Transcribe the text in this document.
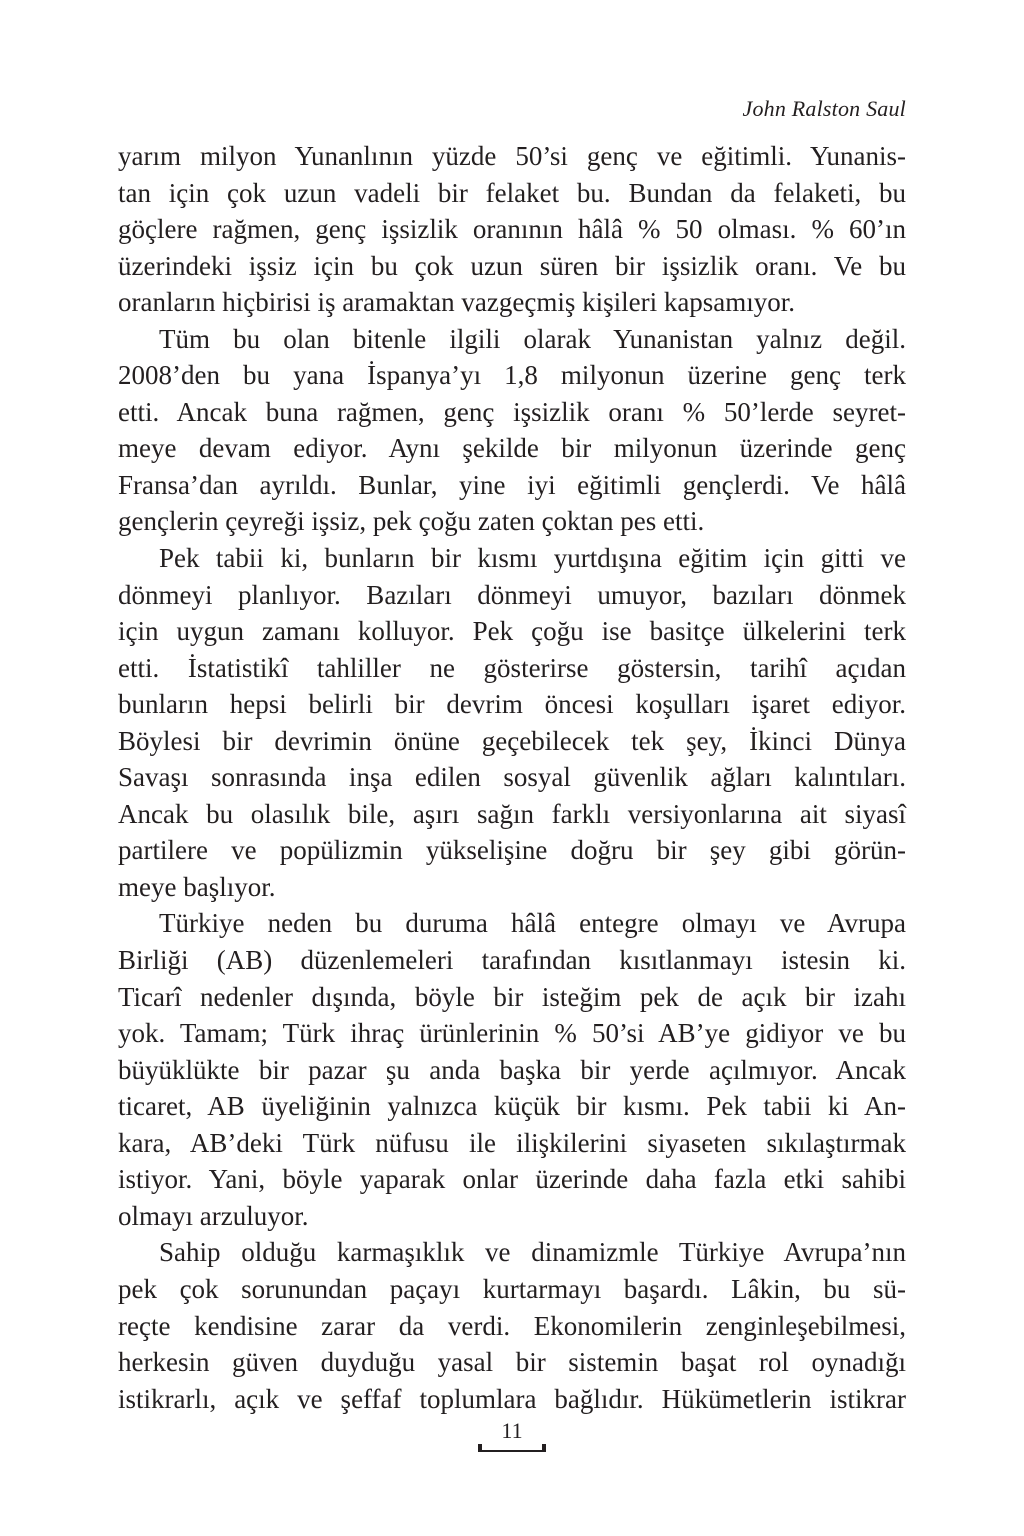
John Ralston Saul
yarım milyon Yunanlının yüzde 50’si genç ve eğitimli. Yunanis-
tan için çok uzun vadeli bir felaket bu. Bundan da felaketi, bu
göçlere rağmen, genç işsizlik oranının hâlâ % 50 olması. % 60’ın
üzerindeki işsiz için bu çok uzun süren bir işsizlik oranı. Ve bu
oranların hiçbirisi iş aramaktan vazgeçmiş kişileri kapsamıyor.
Tüm bu olan bitenle ilgili olarak Yunanistan yalnız değil.
2008’den bu yana İspanya’yı 1,8 milyonun üzerine genç terk
etti. Ancak buna rağmen, genç işsizlik oranı % 50’lerde seyret-
meye devam ediyor. Aynı şekilde bir milyonun üzerinde genç
Fransa’dan ayrıldı. Bunlar, yine iyi eğitimli gençlerdi. Ve hâlâ
gençlerin çeyreği işsiz, pek çoğu zaten çoktan pes etti.
Pek tabii ki, bunların bir kısmı yurtdışına eğitim için gitti ve
dönmeyi planlıyor. Bazıları dönmeyi umuyor, bazıları dönmek
için uygun zamanı kolluyor. Pek çoğu ise basitçe ülkelerini terk
etti. İstatistikî tahliller ne gösterirse göstersin, tarihî açıdan
bunların hepsi belirli bir devrim öncesi koşulları işaret ediyor.
Böylesi bir devrimin önüne geçebilecek tek şey, İkinci Dünya
Savaşı sonrasında inşa edilen sosyal güvenlik ağları kalıntıları.
Ancak bu olasılık bile, aşırı sağın farklı versiyonlarına ait siyasî
partilere ve popülizmin yükselişine doğru bir şey gibi görün-
meye başlıyor.
Türkiye neden bu duruma hâlâ entegre olmayı ve Avrupa
Birliği (AB) düzenlemeleri tarafından kısıtlanmayı istesin ki.
Ticarî nedenler dışında, böyle bir isteğim pek de açık bir izahı
yok. Tamam; Türk ihraç ürünlerinin % 50’si AB’ye gidiyor ve bu
büyüklükte bir pazar şu anda başka bir yerde açılmıyor. Ancak
ticaret, AB üyeliğinin yalnızca küçük bir kısmı. Pek tabii ki An-
kara, AB’deki Türk nüfusu ile ilişkilerini siyaseten sıkılaştırmak
istiyor. Yani, böyle yaparak onlar üzerinde daha fazla etki sahibi
olmayı arzuluyor.
Sahip olduğu karmaşıklık ve dinamizmle Türkiye Avrupa’nın
pek çok sorunundan paçayı kurtarmayı başardı. Lâkin, bu sü-
reçte kendisine zarar da verdi. Ekonomilerin zenginleşebilmesi,
herkesin güven duyduğu yasal bir sistemin başat rol oynadığı
istikrarlı, açık ve şeffaf toplumlara bağlıdır. Hükümetlerin istikrar
11
